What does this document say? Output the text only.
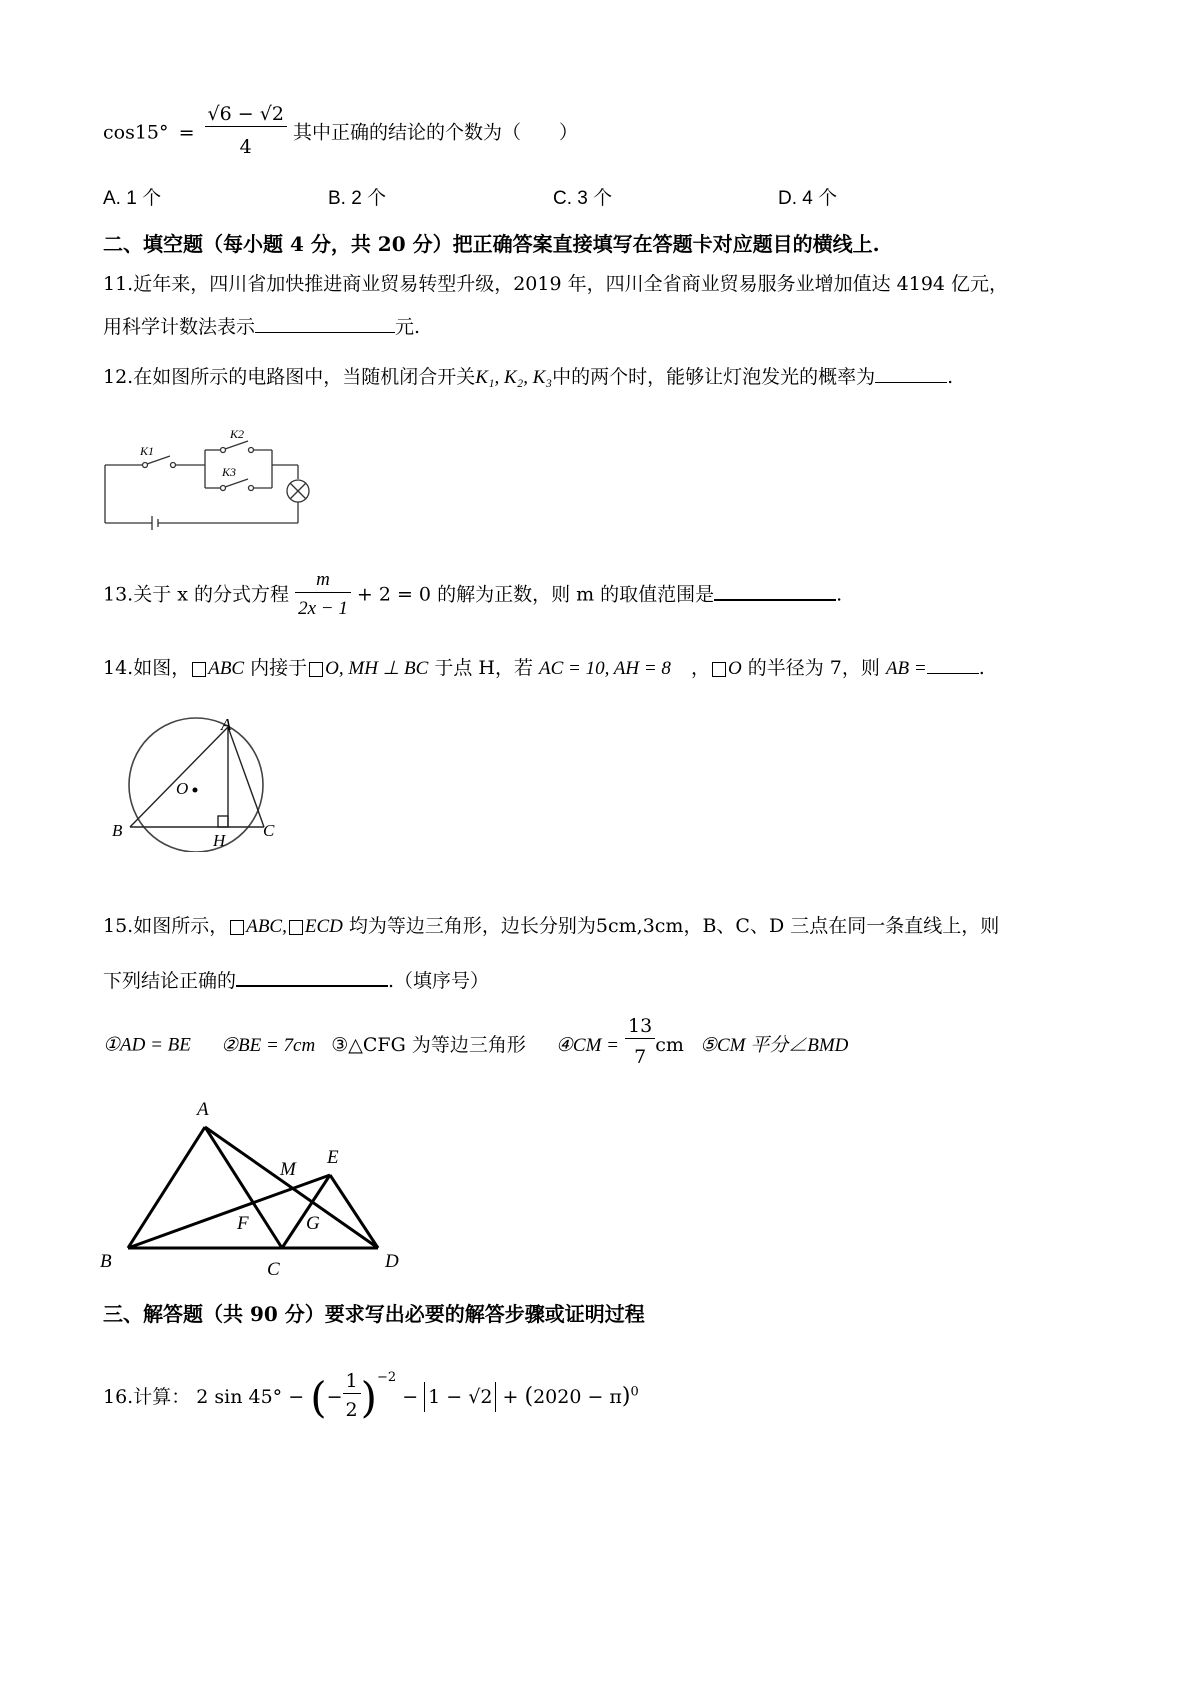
$\cos 15^\circ = \frac{√6 - √2}{4}$ 其中正确的结论的个数为（　　）
A. 1 个	B. 2 个	C. 3 个	D. 4 个
二、填空题（每小题 4 分，共 20 分）把正确答案直接填写在答题卡对应题目的横线上.
11.近年来，四川省加快推进商业贸易转型升级，2019 年，四川全省商业贸易服务业增加值达 4194 亿元，
用科学计数法表示	元.
12.在如图所示的电路图中，当随机闭合开关K₁, K₂, K₃中的两个时，能够让灯泡发光的概率为	.
K1
K2
K3
13.关于 x 的分式方程 $\frac{m}{2x - 1} + 2 = 0$ 的解为正数，则 m 的取值范围是	.
14.如图， ABC 内接于 O, MH ⊥ BC 于点 H，若 AC = 10, AH = 8 ， O 的半径为 7，则 AB =	.
A
O
B
H
C
15.如图所示， ABC, ECD 均为等边三角形，边长分别为5cm,3cm，B、C、D 三点在同一条直线上，则
下列结论正确的	.（填序号）
①AD = BE ②BE = 7cm ③△CFG 为等边三角形 ④CM = $\frac{13}{7}$ cm ⑤CM 平分∠BMD
A
M
E
F	G
B	C	D
三、解答题（共 90 分）要求写出必要的解答步骤或证明过程
16.计算： 2 sin 45° − (− $\frac{1}{2} )^{-2} - 1 - √2 + (2020 - \pi)^0$
